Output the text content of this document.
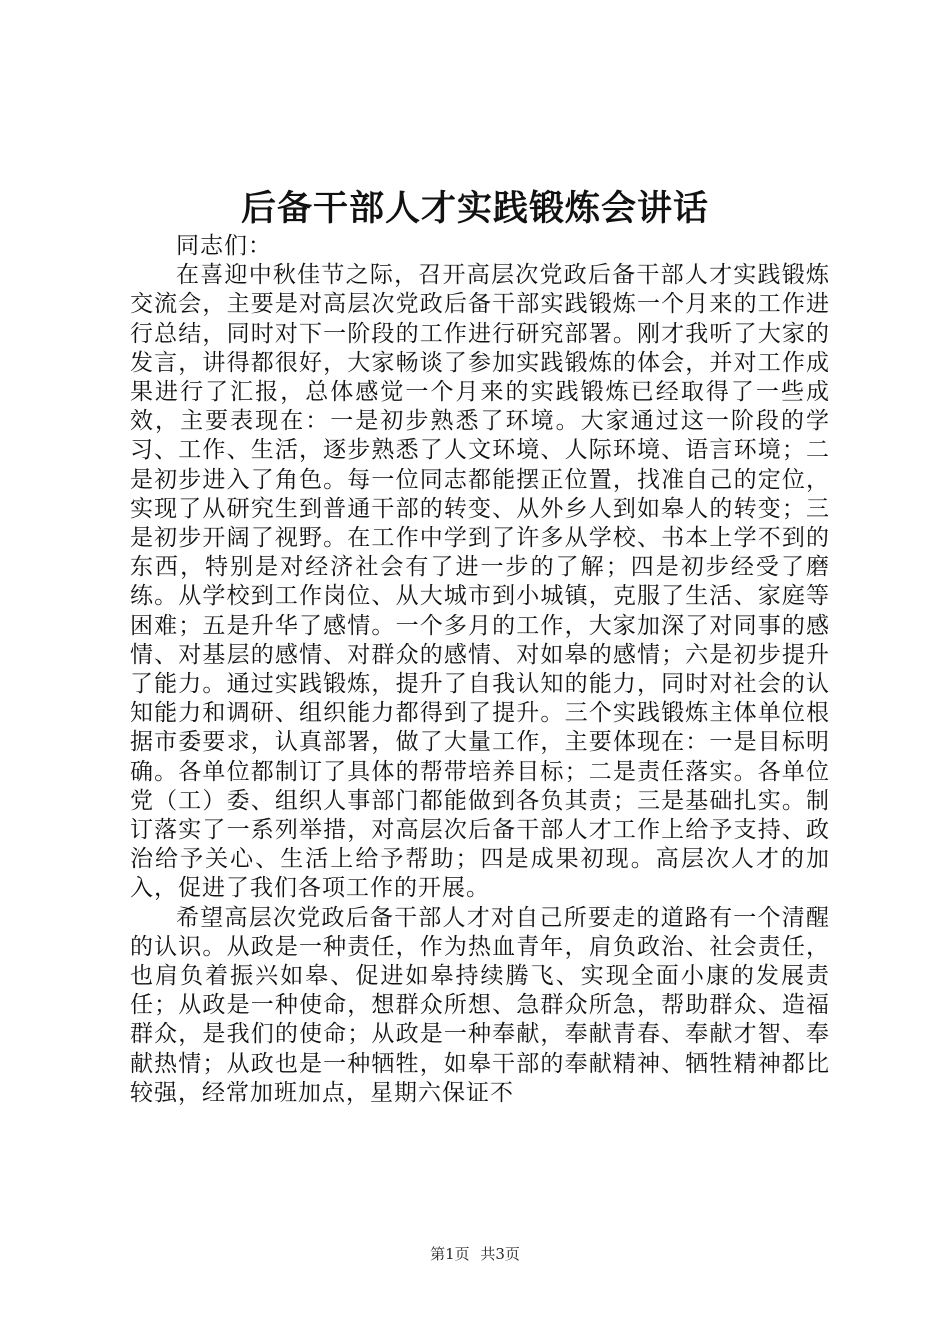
后备干部人才实践锻炼会讲话

同志们：

在喜迎中秋佳节之际，召开高层次党政后备干部人才实践锻炼交流会，主要是对高层次党政后备干部实践锻炼一个月来的工作进行总结，同时对下一阶段的工作进行研究部署。刚才我听了大家的发言，讲得都很好，大家畅谈了参加实践锻炼的体会，并对工作成果进行了汇报，总体感觉一个月来的实践锻炼已经取得了一些成效，主要表现在：一是初步熟悉了环境。大家通过这一阶段的学习、工作、生活，逐步熟悉了人文环境、人际环境、语言环境；二是初步进入了角色。每一位同志都能摆正位置，找准自己的定位，实现了从研究生到普通干部的转变、从外乡人到如皋人的转变；三是初步开阔了视野。在工作中学到了许多从学校、书本上学不到的东西，特别是对经济社会有了进一步的了解；四是初步经受了磨练。从学校到工作岗位、从大城市到小城镇，克服了生活、家庭等困难；五是升华了感情。一个多月的工作，大家加深了对同事的感情、对基层的感情、对群众的感情、对如皋的感情；六是初步提升了能力。通过实践锻炼，提升了自我认知的能力，同时对社会的认知能力和调研、组织能力都得到了提升。三个实践锻炼主体单位根据市委要求，认真部署，做了大量工作，主要体现在：一是目标明确。各单位都制订了具体的帮带培养目标；二是责任落实。各单位党（工）委、组织人事部门都能做到各负其责；三是基础扎实。制订落实了一系列举措，对高层次后备干部人才工作上给予支持、政治给予关心、生活上给予帮助；四是成果初现。高层次人才的加入，促进了我们各项工作的开展。

希望高层次党政后备干部人才对自己所要走的道路有一个清醒的认识。从政是一种责任，作为热血青年，肩负政治、社会责任，也肩负着振兴如皋、促进如皋持续腾飞、实现全面小康的发展责任；从政是一种使命，想群众所想、急群众所急，帮助群众、造福群众，是我们的使命；从政是一种奉献，奉献青春、奉献才智、奉献热情；从政也是一种牺牲，如皋干部的奉献精神、牺牲精神都比较强，经常加班加点，星期六保证不

第1页 共3页
